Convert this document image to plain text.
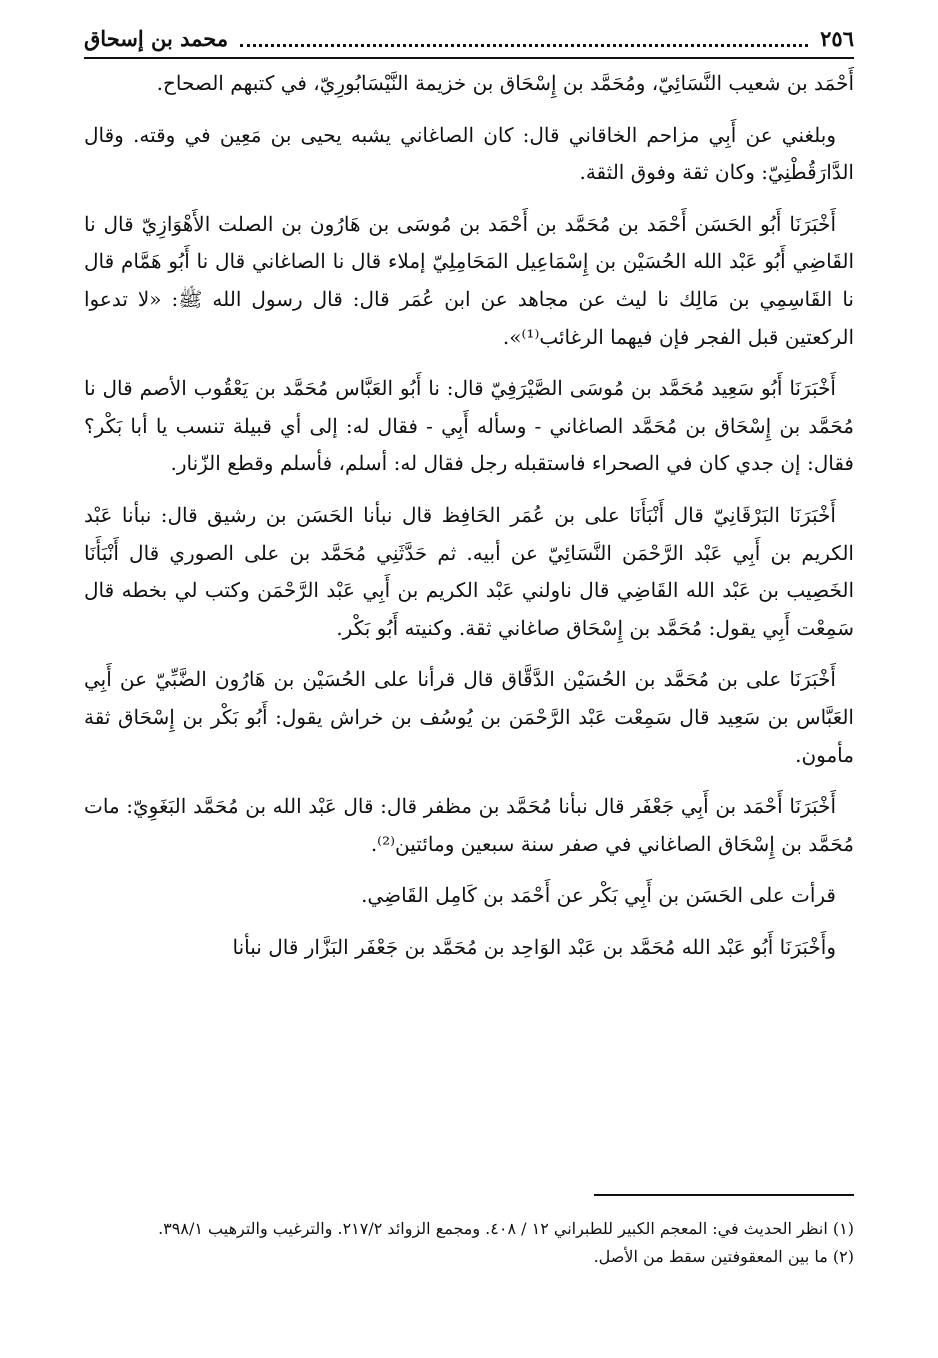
٢٥٦
محمد بن إسحاق

أَحْمَد بن شعيب النَّسَائِيّ، ومُحَمَّد بن إِسْحَاق بن خزيمة النَّيْسَابُورِيّ، في كتبهم الصحاح.

وبلغني عن أَبِي مزاحم الخاقاني قال: كان الصاغاني يشبه يحيى بن مَعِين في وقته. وقال الدَّارَقُطْنِيّ: وكان ثقة وفوق الثقة.

أَخْبَرَنَا أَبُو الحَسَن أَحْمَد بن مُحَمَّد بن أَحْمَد بن مُوسَى بن هَارُون بن الصلت الأَهْوَازِيّ قال نا القَاضِي أَبُو عَبْد الله الحُسَيْن بن إِسْمَاعِيل المَحَامِلِيّ إملاء قال نا الصاغاني قال نا أَبُو هَمَّام قال نا القَاسِمِي بن مَالِك نا ليث عن مجاهد عن ابن عُمَر قال: قال رسول الله ﷺ: «لا تدعوا الركعتين قبل الفجر فإن فيهما الرغائب⁽¹⁾».

أَخْبَرَنَا أَبُو سَعِيد مُحَمَّد بن مُوسَى الصَّيْرَفِيّ قال: نا أَبُو العَبَّاس مُحَمَّد بن يَعْقُوب الأصم قال نا مُحَمَّد بن إِسْحَاق بن مُحَمَّد الصاغاني - وسأله أَبِي - فقال له: إلى أي قبيلة تنسب يا أبا بَكْر؟ فقال: إن جدي كان في الصحراء فاستقبله رجل فقال له: أسلم، فأسلم وقطع الزّنار.

أَخْبَرَنَا البَرْقَانِيّ قال أَنْبَأَنَا على بن عُمَر الحَافِظ قال نبأنا الحَسَن بن رشيق قال: نبأنا عَبْد الكريم بن أَبِي عَبْد الرَّحْمَن النَّسَائِيّ عن أبيه. ثم حَدَّثَنِي مُحَمَّد بن على الصوري قال أَنْبَأَنَا الخَصِيب بن عَبْد الله القَاضِي قال ناولني عَبْد الكريم بن أَبِي عَبْد الرَّحْمَن وكتب لي بخطه قال سَمِعْت أَبِي يقول: مُحَمَّد بن إِسْحَاق صاغاني ثقة. وكنيته أَبُو بَكْر.

أَخْبَرَنَا على بن مُحَمَّد بن الحُسَيْن الدَّقَّاق قال قرأنا على الحُسَيْن بن هَارُون الضَّبِّيّ عن أَبِي العَبَّاس بن سَعِيد قال سَمِعْت عَبْد الرَّحْمَن بن يُوسُف بن خراش يقول: أَبُو بَكْر بن إِسْحَاق ثقة مأمون.

أَخْبَرَنَا أَحْمَد بن أَبِي جَعْفَر قال نبأنا مُحَمَّد بن مظفر قال: قال عَبْد الله بن مُحَمَّد البَغَوِيّ: مات مُحَمَّد بن إِسْحَاق الصاغاني في صفر سنة سبعين ومائتين⁽²⁾.

قرأت على الحَسَن بن أَبِي بَكْر عن أَحْمَد بن كَامِل القَاضِي.

وأَخْبَرَنَا أَبُو عَبْد الله مُحَمَّد بن عَبْد الوَاحِد بن مُحَمَّد بن جَعْفَر البَزَّار قال نبأنا

(١) انظر الحديث في: المعجم الكبير للطبراني ١٢ / ٤٠٨. ومجمع الزوائد ٢١٧/٢. والترغيب والترهيب ٣٩٨/١.

(٢) ما بين المعقوفتين سقط من الأصل.
